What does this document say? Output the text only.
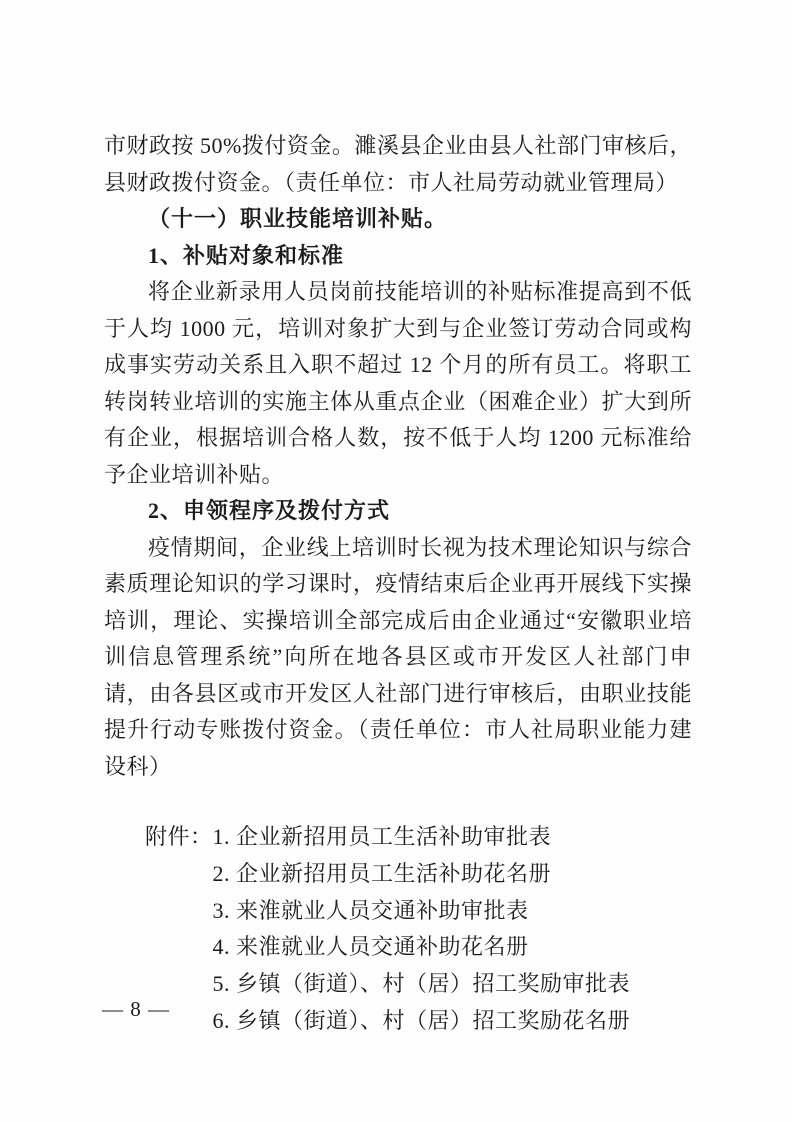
市财政按 50%拨付资金。濉溪县企业由县人社部门审核后，县财政拨付资金。（责任单位：市人社局劳动就业管理局）

（十一）职业技能培训补贴。

1、补贴对象和标准

将企业新录用人员岗前技能培训的补贴标准提高到不低于人均 1000 元，培训对象扩大到与企业签订劳动合同或构成事实劳动关系且入职不超过 12 个月的所有员工。将职工转岗转业培训的实施主体从重点企业（困难企业）扩大到所有企业，根据培训合格人数，按不低于人均 1200 元标准给予企业培训补贴。

2、申领程序及拨付方式

疫情期间，企业线上培训时长视为技术理论知识与综合素质理论知识的学习课时，疫情结束后企业再开展线下实操培训，理论、实操培训全部完成后由企业通过“安徽职业培训信息管理系统”向所在地各县区或市开发区人社部门申请，由各县区或市开发区人社部门进行审核后，由职业技能提升行动专账拨付资金。（责任单位：市人社局职业能力建设科）

附件： 1. 企业新招用员工生活补助审批表
2. 企业新招用员工生活补助花名册
3. 来淮就业人员交通补助审批表
4. 来淮就业人员交通补助花名册
5. 乡镇（街道）、村（居）招工奖励审批表
6. 乡镇（街道）、村（居）招工奖励花名册
— 8 —
